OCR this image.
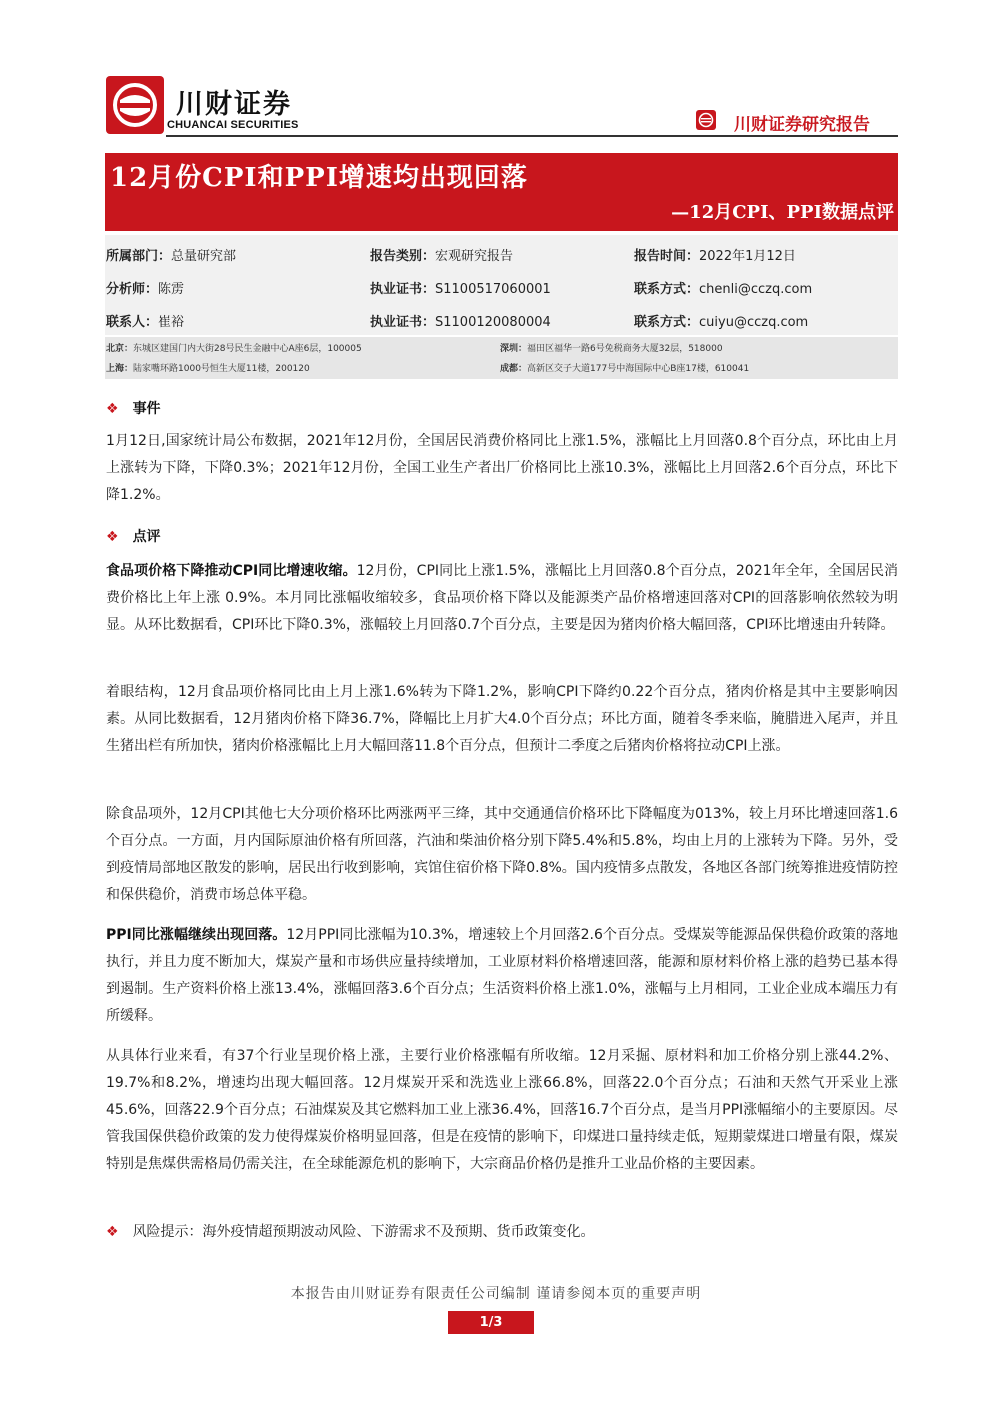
川财证券
CHUANCAI SECURITIES	川财证券研究报告
12月份CPI和PPI增速均出现回落
—12月CPI、PPI数据点评
所属部门：总量研究部	报告类别：宏观研究报告	报告时间：2022年1月12日
分析师：陈雳	执业证书：S1100517060001	联系方式：chenli@cczq.com
联系人：崔裕	执业证书：S1100120080004	联系方式：cuiyu@cczq.com
北京：东城区建国门内大街28号民生金融中心A座6层，100005	深圳：福田区福华一路6号免税商务大厦32层，518000
上海：陆家嘴环路1000号恒生大厦11楼，200120	成都：高新区交子大道177号中海国际中心B座17楼，610041
❖ 事件
1月12日,国家统计局公布数据，2021年12月份，全国居民消费价格同比上涨1.5%，涨幅比上月回落0.8个百分点，环比由上月上涨转为下降，下降0.3%；2021年12月份，全国工业生产者出厂价格同比上涨10.3%，涨幅比上月回落2.6个百分点，环比下降1.2%。
❖ 点评
食品项价格下降推动CPI同比增速收缩。12月份，CPI同比上涨1.5%，涨幅比上月回落0.8个百分点，2021年全年，全国居民消费价格比上年上涨 0.9%。本月同比涨幅收缩较多，食品项价格下降以及能源类产品价格增速回落对CPI的回落影响依然较为明显。从环比数据看，CPI环比下降0.3%，涨幅较上月回落0.7个百分点，主要是因为猪肉价格大幅回落，CPI环比增速由升转降。
着眼结构，12月食品项价格同比由上月上涨1.6%转为下降1.2%，影响CPI下降约0.22个百分点，猪肉价格是其中主要影响因素。从同比数据看，12月猪肉价格下降36.7%，降幅比上月扩大4.0个百分点；环比方面，随着冬季来临，腌腊进入尾声，并且生猪出栏有所加快，猪肉价格涨幅比上月大幅回落11.8个百分点，但预计二季度之后猪肉价格将拉动CPI上涨。
除食品项外，12月CPI其他七大分项价格环比两涨两平三绛，其中交通通信价格环比下降幅度为013%，较上月环比增速回落1.6个百分点。一方面，月内国际原油价格有所回落，汽油和柴油价格分别下降5.4%和5.8%，均由上月的上涨转为下降。另外，受到疫情局部地区散发的影响，居民出行收到影响，宾馆住宿价格下降0.8%。国内疫情多点散发，各地区各部门统筹推进疫情防控和保供稳价，消费市场总体平稳。
PPI同比涨幅继续出现回落。12月PPI同比涨幅为10.3%，增速较上个月回落2.6个百分点。受煤炭等能源品保供稳价政策的落地执行，并且力度不断加大，煤炭产量和市场供应量持续增加，工业原材料价格增速回落，能源和原材料价格上涨的趋势已基本得到遏制。生产资料价格上涨13.4%，涨幅回落3.6个百分点；生活资料价格上涨1.0%，涨幅与上月相同，工业企业成本端压力有所缓释。
从具体行业来看，有37个行业呈现价格上涨，主要行业价格涨幅有所收缩。12月采掘、原材料和加工价格分别上涨44.2%、19.7%和8.2%，增速均出现大幅回落。12月煤炭开采和洗选业上涨66.8%，回落22.0个百分点；石油和天然气开采业上涨45.6%，回落22.9个百分点；石油煤炭及其它燃料加工业上涨36.4%，回落16.7个百分点，是当月PPI涨幅缩小的主要原因。尽管我国保供稳价政策的发力使得煤炭价格明显回落，但是在疫情的影响下，印煤进口量持续走低，短期蒙煤进口增量有限，煤炭特别是焦煤供需格局仍需关注，在全球能源危机的影响下，大宗商品价格仍是推升工业品价格的主要因素。
❖ 风险提示：海外疫情超预期波动风险、下游需求不及预期、货币政策变化。
本报告由川财证券有限责任公司编制 谨请参阅本页的重要声明
1/3
